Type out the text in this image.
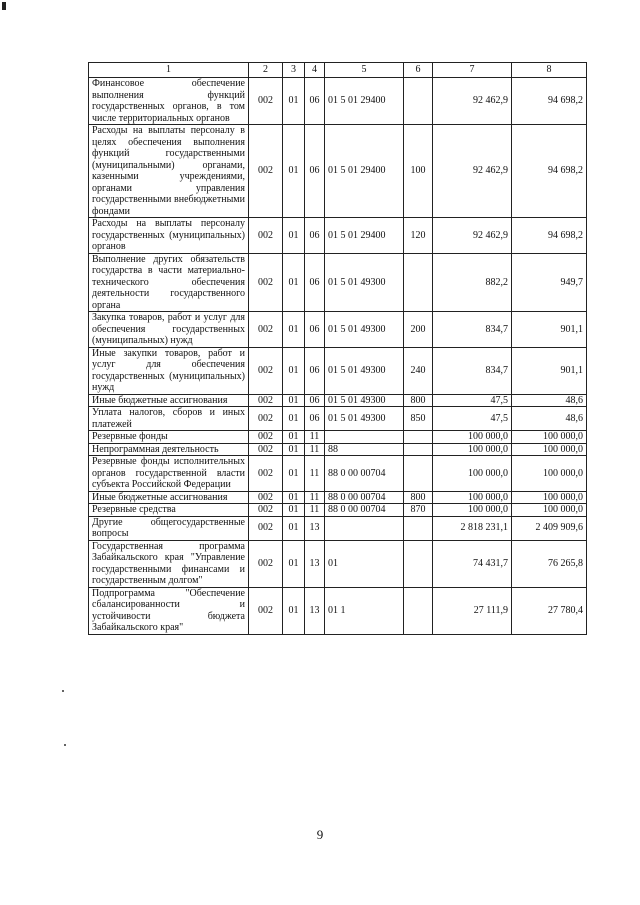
1	2	3	4	5	6	7	8
Финансовое обеспечение выполнения функций государственных органов, в том числе территориальных органов	002	01	06	01 5 01 29400		92 462,9	94 698,2
Расходы на выплаты персоналу в целях обеспечения выполнения функций государственными (муниципальными) органами, казенными учреждениями, органами управления государственными внебюджетными фондами	002	01	06	01 5 01 29400	100	92 462,9	94 698,2
Расходы на выплаты персоналу государственных (муниципальных) органов	002	01	06	01 5 01 29400	120	92 462,9	94 698,2
Выполнение других обязательств государства в части материально-технического обеспечения деятельности государственного органа	002	01	06	01 5 01 49300		882,2	949,7
Закупка товаров, работ и услуг для обеспечения государственных (муниципальных) нужд	002	01	06	01 5 01 49300	200	834,7	901,1
Иные закупки товаров, работ и услуг для обеспечения государственных (муниципальных) нужд	002	01	06	01 5 01 49300	240	834,7	901,1
Иные бюджетные ассигнования	002	01	06	01 5 01 49300	800	47,5	48,6
Уплата налогов, сборов и иных платежей	002	01	06	01 5 01 49300	850	47,5	48,6
Резервные фонды	002	01	11			100 000,0	100 000,0
Непрограммная деятельность	002	01	11	88		100 000,0	100 000,0
Резервные фонды исполнительных органов государственной власти субъекта Российской Федерации	002	01	11	88 0 00 00704		100 000,0	100 000,0
Иные бюджетные ассигнования	002	01	11	88 0 00 00704	800	100 000,0	100 000,0
Резервные средства	002	01	11	88 0 00 00704	870	100 000,0	100 000,0
Другие общегосударственные вопросы	002	01	13			2 818 231,1	2 409 909,6
Государственная программа Забайкальского края "Управление государственными финансами и государственным долгом"	002	01	13	01		74 431,7	76 265,8
Подпрограмма "Обеспечение сбалансированности и устойчивости бюджета Забайкальского края"	002	01	13	01 1		27 111,9	27 780,4
9
